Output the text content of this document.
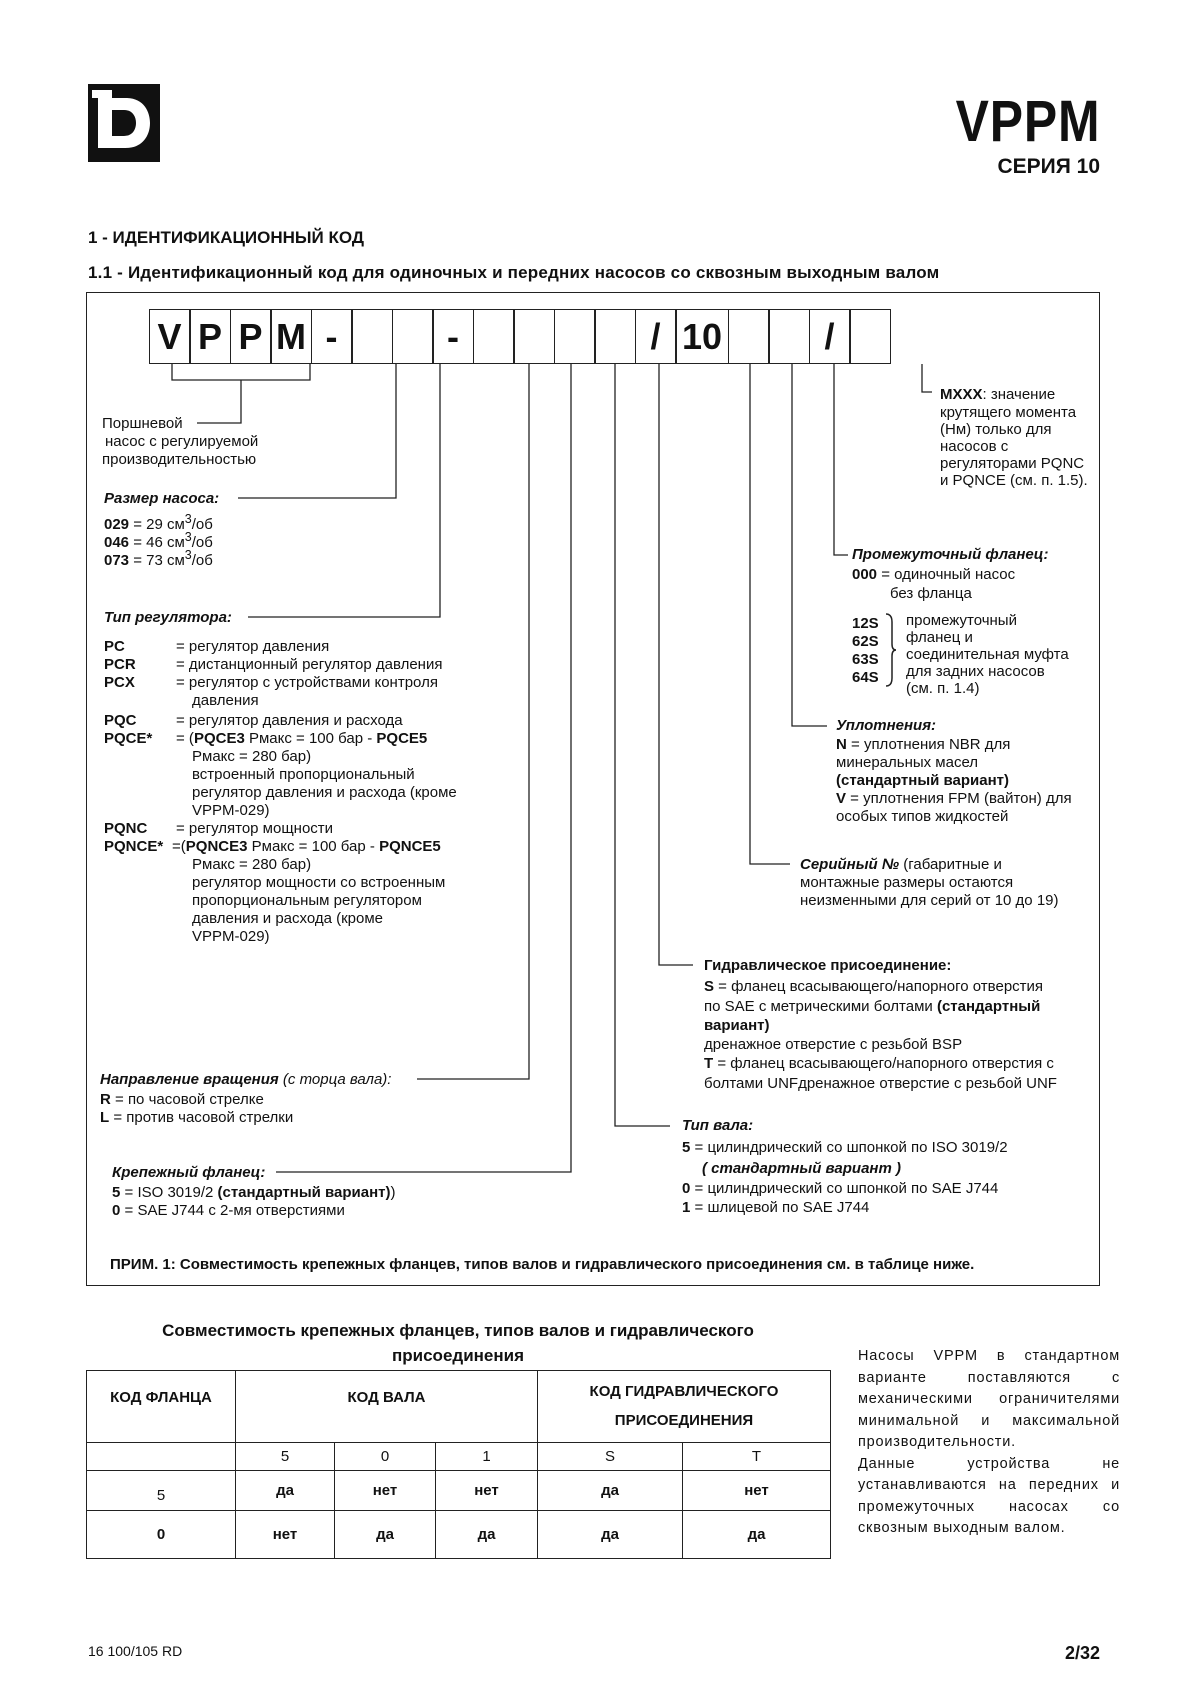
VPPM
СЕРИЯ 10
1 - ИДЕНТИФИКАЦИОННЫЙ КОД
1.1 - Идентификационный код для одиночных и передних насосов со сквозным выходным валом
V P P M -	-	/ 10	/
Поршневой
насос с регулируемой
производительностью
Размер насоса:
029 = 29 $см^3/об$
046 = 46 $см^3/об$
073 = 73 $см^3/об$
Тип регулятора:
PC	= регулятор давления
PCR	= дистанционный регулятор давления
PCX	= регулятор с устройствами контроля
давления
PQC	= регулятор давления и расхода
PQCE* = (PQCE3 Рмакс = 100 бар - PQCE5
Рмакс = 280 бар)
встроенный пропорциональный
регулятор давления и расхода (кроме
VPPM-029)
PQNC = регулятор мощности
PQNCE* =(PQNCE3 Рмакс = 100 бар - PQNCE5
Рмакс = 280 бар)
регулятор мощности со встроенным
пропорциональным регулятором
давления и расхода (кроме
VPPM-029)
Направление вращения (с торца вала):
R = по часовой стрелке
L = против часовой стрелки
Крепежный фланец:
5 = ISO 3019/2 (стандартный вариант))
0 = SAE J744 с 2-мя отверстиями
MXXX: значение
крутящего момента
(Нм) только для
насосов с
регуляторами PQNC
и PQNCE (см. п. 1.5).
Промежуточный фланец:
000 = одиночный насос
без фланца
12S
62S
63S
64S
промежуточный
фланец и
соединительная муфта
для задних насосов
(см. п. 1.4)
Уплотнения:
N = уплотнения NBR для
минеральных масел
(стандартный вариант)
V = уплотнения FPM (вайтон) для
особых типов жидкостей
Серийный № (габаритные и
монтажные размеры остаются
неизменными для серий от 10 до 19)
Гидравлическое присоединение:
S = фланец всасывающего/напорного отверстия
по SAE с метрическими болтами (стандартный
вариант)
дренажное отверстие с резьбой BSP
T = фланец всасывающего/напорного отверстия с
болтами UNFдренажное отверстие с резьбой UNF
Тип вала:
5 = цилиндрический со шпонкой по ISO 3019/2
( стандартный вариант )
0 = цилиндрический со шпонкой по SAE J744
1 = шлицевой по SAE J744
ПРИМ. 1: Совместимость крепежных фланцев, типов валов и гидравлического присоединения см. в таблице ниже.
Совместимость крепежных фланцев, типов валов и гидравлического
присоединения
КОД ФЛАНЦА	КОД ВАЛА			КОД ГИДРАВЛИЧЕСКОГО
ПРИСОЕДИНЕНИЯ	

	5	0	1	S	T
5	да	нет	нет	да	нет
0	нет	да	да	да	да
Насосы VPPM в стандартном варианте поставляются с механическими ограничителями минимальной и максимальной производительности.
Данные устройства не устанавливаются на передних и промежуточных насосах со сквозным выходным валом.
16 100/105 RD	2/32
